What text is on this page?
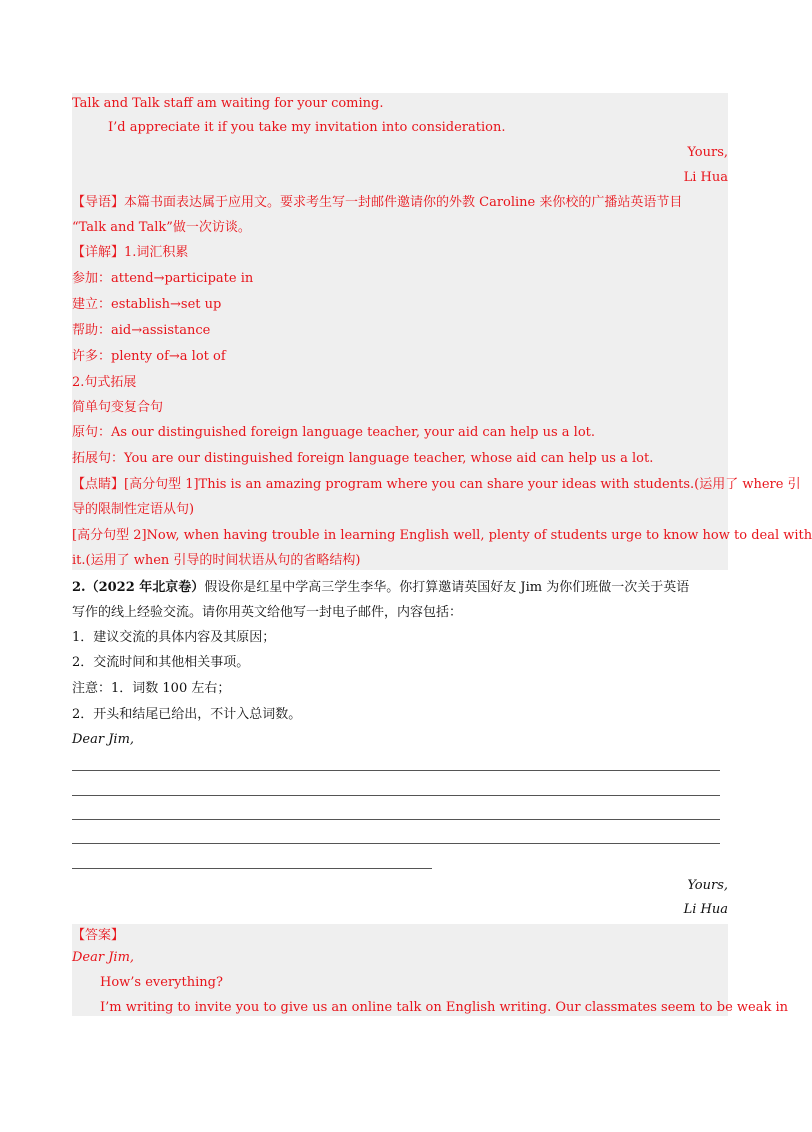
Talk and Talk staff am waiting for your coming.
I’d appreciate it if you take my invitation into consideration.
Yours,
Li Hua
【导语】本篇书面表达属于应用文。要求考生写一封邮件邀请你的外教 Caroline 来你校的广播站英语节目
“Talk and Talk”做一次访谈。
【详解】1.词汇积累
参加：attend→participate in
建立：establish→set up
帮助：aid→assistance
许多：plenty of→a lot of
2.句式拓展
简单句变复合句
原句：As our distinguished foreign language teacher, your aid can help us a lot.
拓展句：You are our distinguished foreign language teacher, whose aid can help us a lot.
【点睛】[高分句型 1]This is an amazing program where you can share your ideas with students.(运用了 where 引
导的限制性定语从句)
[高分句型 2]Now, when having trouble in learning English well, plenty of students urge to know how to deal with
it.(运用了 when 引导的时间状语从句的省略结构)
2.（2022 年北京卷）假设你是红星中学高三学生李华。你打算邀请英国好友 Jim 为你们班做一次关于英语
写作的线上经验交流。请你用英文给他写一封电子邮件，内容包括：
1．建议交流的具体内容及其原因；
2．交流时间和其他相关事项。
注意：1．词数 100 左右；
2．开头和结尾已给出，不计入总词数。
Dear Jim,
Yours,
Li Hua
【答案】
Dear Jim,
How’s everything?
I’m writing to invite you to give us an online talk on English writing. Our classmates seem to be weak in
